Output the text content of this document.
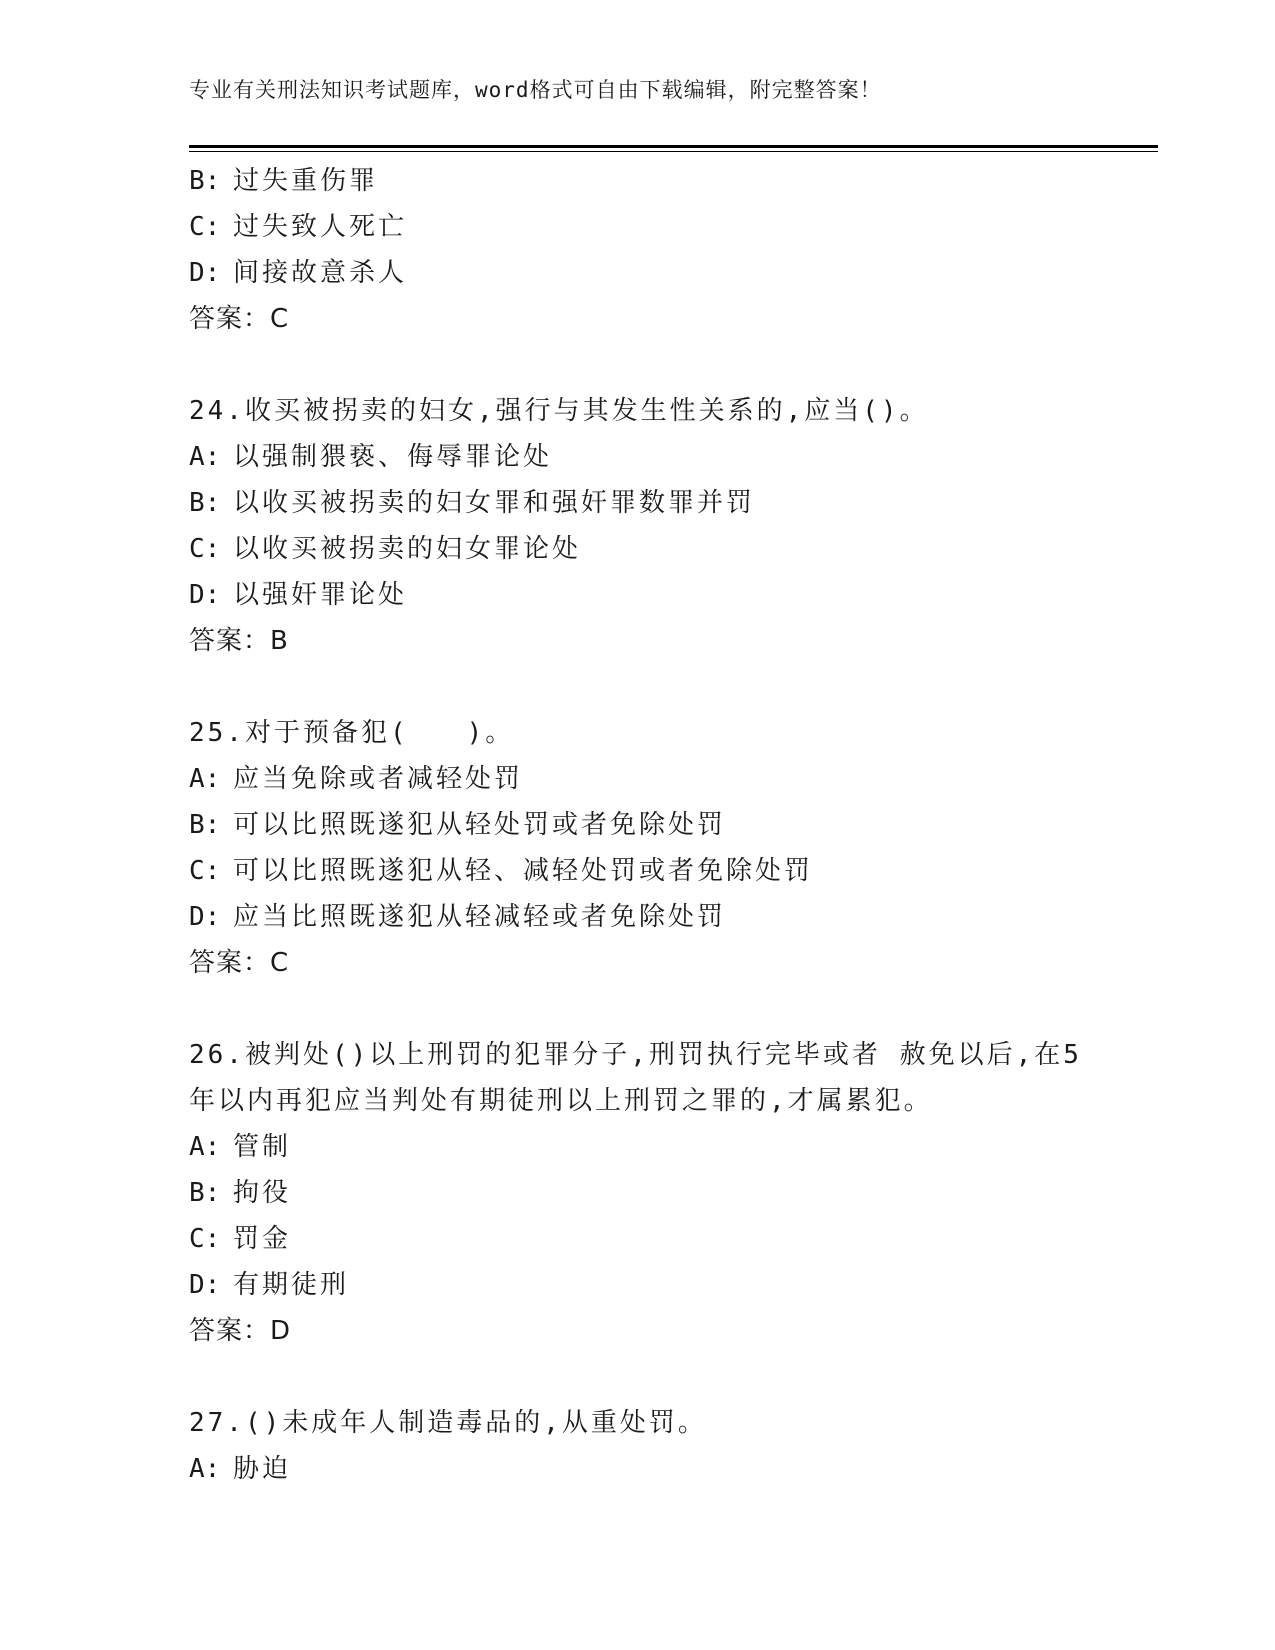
专业有关刑法知识考试题库，word格式可自由下载编辑，附完整答案！
B: 过失重伤罪
C: 过失致人死亡
D: 间接故意杀人
答案：C
24.收买被拐卖的妇女,强行与其发生性关系的,应当()。
A: 以强制猥亵、侮辱罪论处
B: 以收买被拐卖的妇女罪和强奸罪数罪并罚
C: 以收买被拐卖的妇女罪论处
D: 以强奸罪论处
答案：B
25.对于预备犯(　　)。
A: 应当免除或者减轻处罚
B: 可以比照既遂犯从轻处罚或者免除处罚
C: 可以比照既遂犯从轻、减轻处罚或者免除处罚
D: 应当比照既遂犯从轻减轻或者免除处罚
答案：C
26.被判处()以上刑罚的犯罪分子,刑罚执行完毕或者 赦免以后,在5
年以内再犯应当判处有期徒刑以上刑罚之罪的,才属累犯。
A: 管制
B: 拘役
C: 罚金
D: 有期徒刑
答案：D
27.()未成年人制造毒品的,从重处罚。
A: 胁迫
